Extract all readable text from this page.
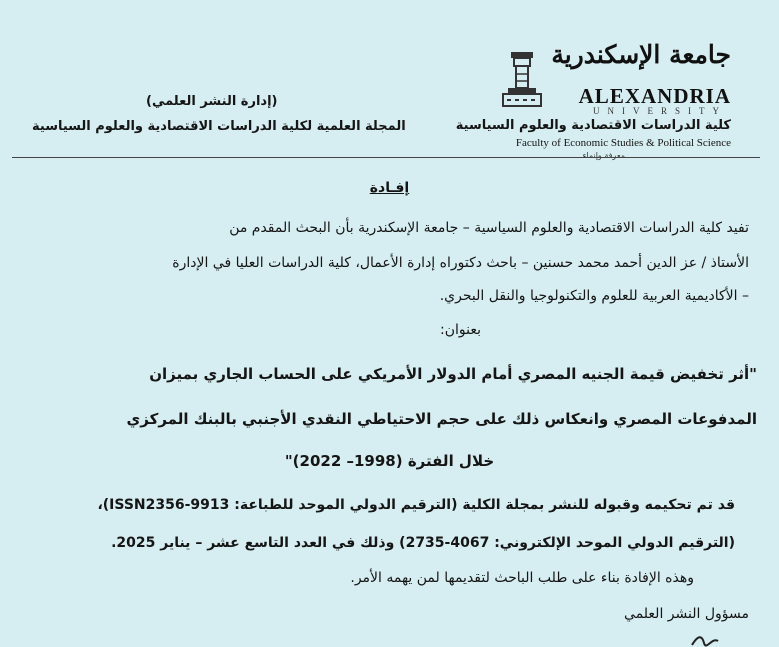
جامعة الإسكندرية
ALEXANDRIA
UNIVERSITY
كلية الدراسات الاقتصادية والعلوم السياسية
Faculty of Economic Studies & Political Science
معرفة وإنماء
(إدارة النشر العلمي)
المجلة العلمية لكلية الدراسات الاقتصادية والعلوم السياسية
إفـادة
تفيد كلية الدراسات الاقتصادية والعلوم السياسية – جامعة الإسكندرية بأن البحث المقدم من
الأستاذ / عز الدين أحمد محمد حسنين – باحث دكتوراه إدارة الأعمال، كلية الدراسات العليا في الإدارة
– الأكاديمية العربية للعلوم والتكنولوجيا والنقل البحري.
بعنوان:
"أثر تخفيض قيمة الجنيه المصري أمام الدولار الأمريكي على الحساب الجاري بميزان
المدفوعات المصري وانعكاس ذلك على حجم الاحتياطي النقدي الأجنبي بالبنك المركزي
خلال الفترة (1998– 2022)"
قد تم تحكيمه وقبوله للنشر بمجلة الكلية (الترقيم الدولي الموحد للطباعة: ISSN2356-9913)،
(الترقيم الدولي الموحد الإلكتروني: 4067-2735) وذلك في العدد التاسع عشر – يناير 2025.
وهذه الإفادة بناء على طلب الباحث لتقديمها لمن يهمه الأمر.
مسؤول النشر العلمي
